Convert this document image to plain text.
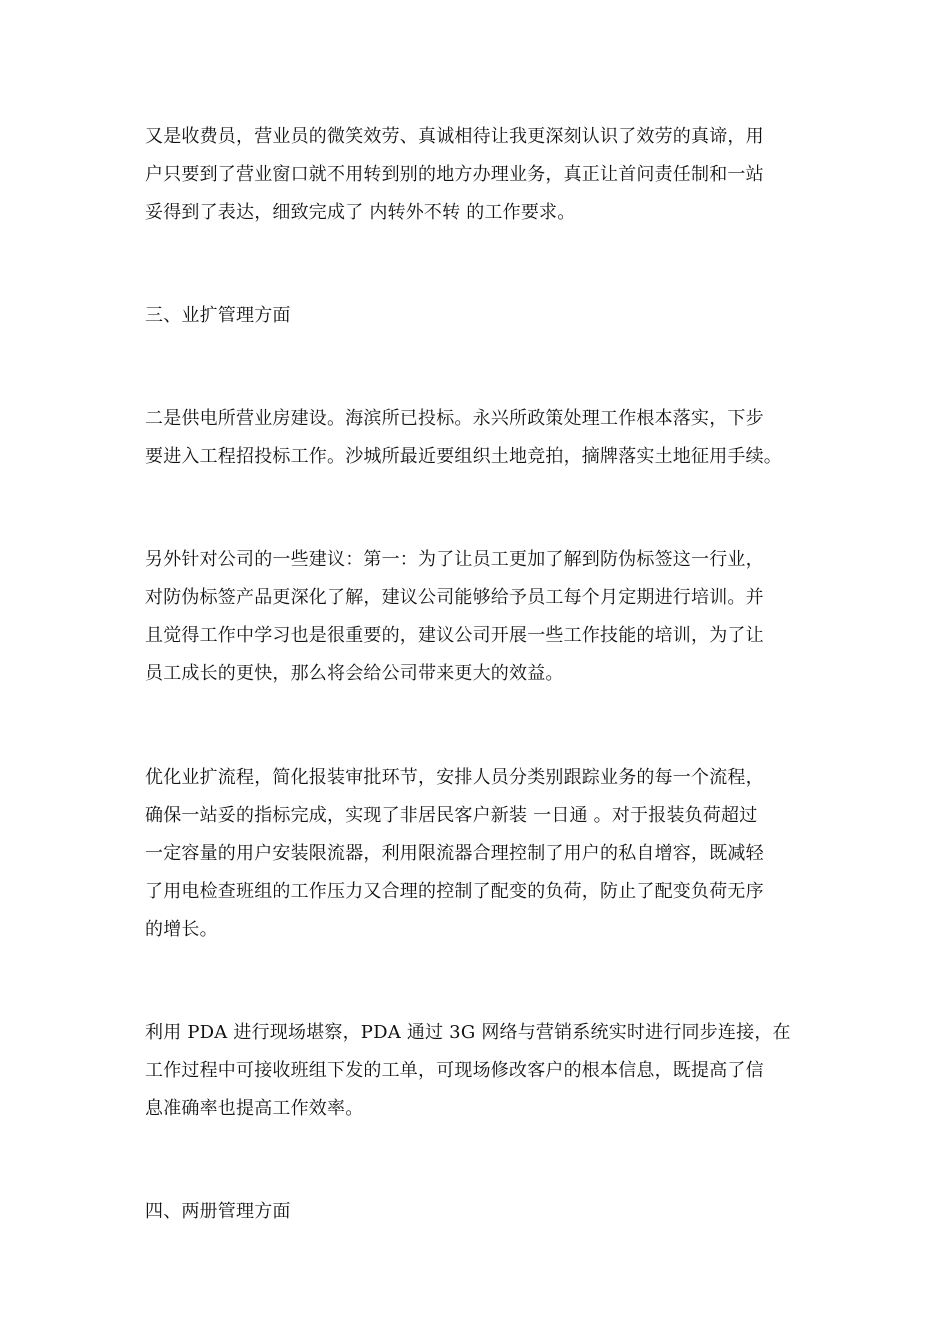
又是收费员，营业员的微笑效劳、真诚相待让我更深刻认识了效劳的真谛，用
户只要到了营业窗口就不用转到别的地方办理业务，真正让首问责任制和一站
妥得到了表达，细致完成了 内转外不转 的工作要求。
三、业扩管理方面
二是供电所营业房建设。海滨所已投标。永兴所政策处理工作根本落实，下步
要进入工程招投标工作。沙城所最近要组织土地竞拍，摘牌落实土地征用手续。
另外针对公司的一些建议：第一：为了让员工更加了解到防伪标签这一行业，
对防伪标签产品更深化了解，建议公司能够给予员工每个月定期进行培训。并
且觉得工作中学习也是很重要的，建议公司开展一些工作技能的培训，为了让
员工成长的更快，那么将会给公司带来更大的效益。
优化业扩流程，简化报装审批环节，安排人员分类别跟踪业务的每一个流程，
确保一站妥的指标完成，实现了非居民客户新装 一日通 。对于报装负荷超过
一定容量的用户安装限流器，利用限流器合理控制了用户的私自增容，既减轻
了用电检查班组的工作压力又合理的控制了配变的负荷，防止了配变负荷无序
的增长。
利用 PDA 进行现场堪察，PDA 通过 3G 网络与营销系统实时进行同步连接，在
工作过程中可接收班组下发的工单，可现场修改客户的根本信息，既提高了信
息准确率也提高工作效率。
四、两册管理方面
